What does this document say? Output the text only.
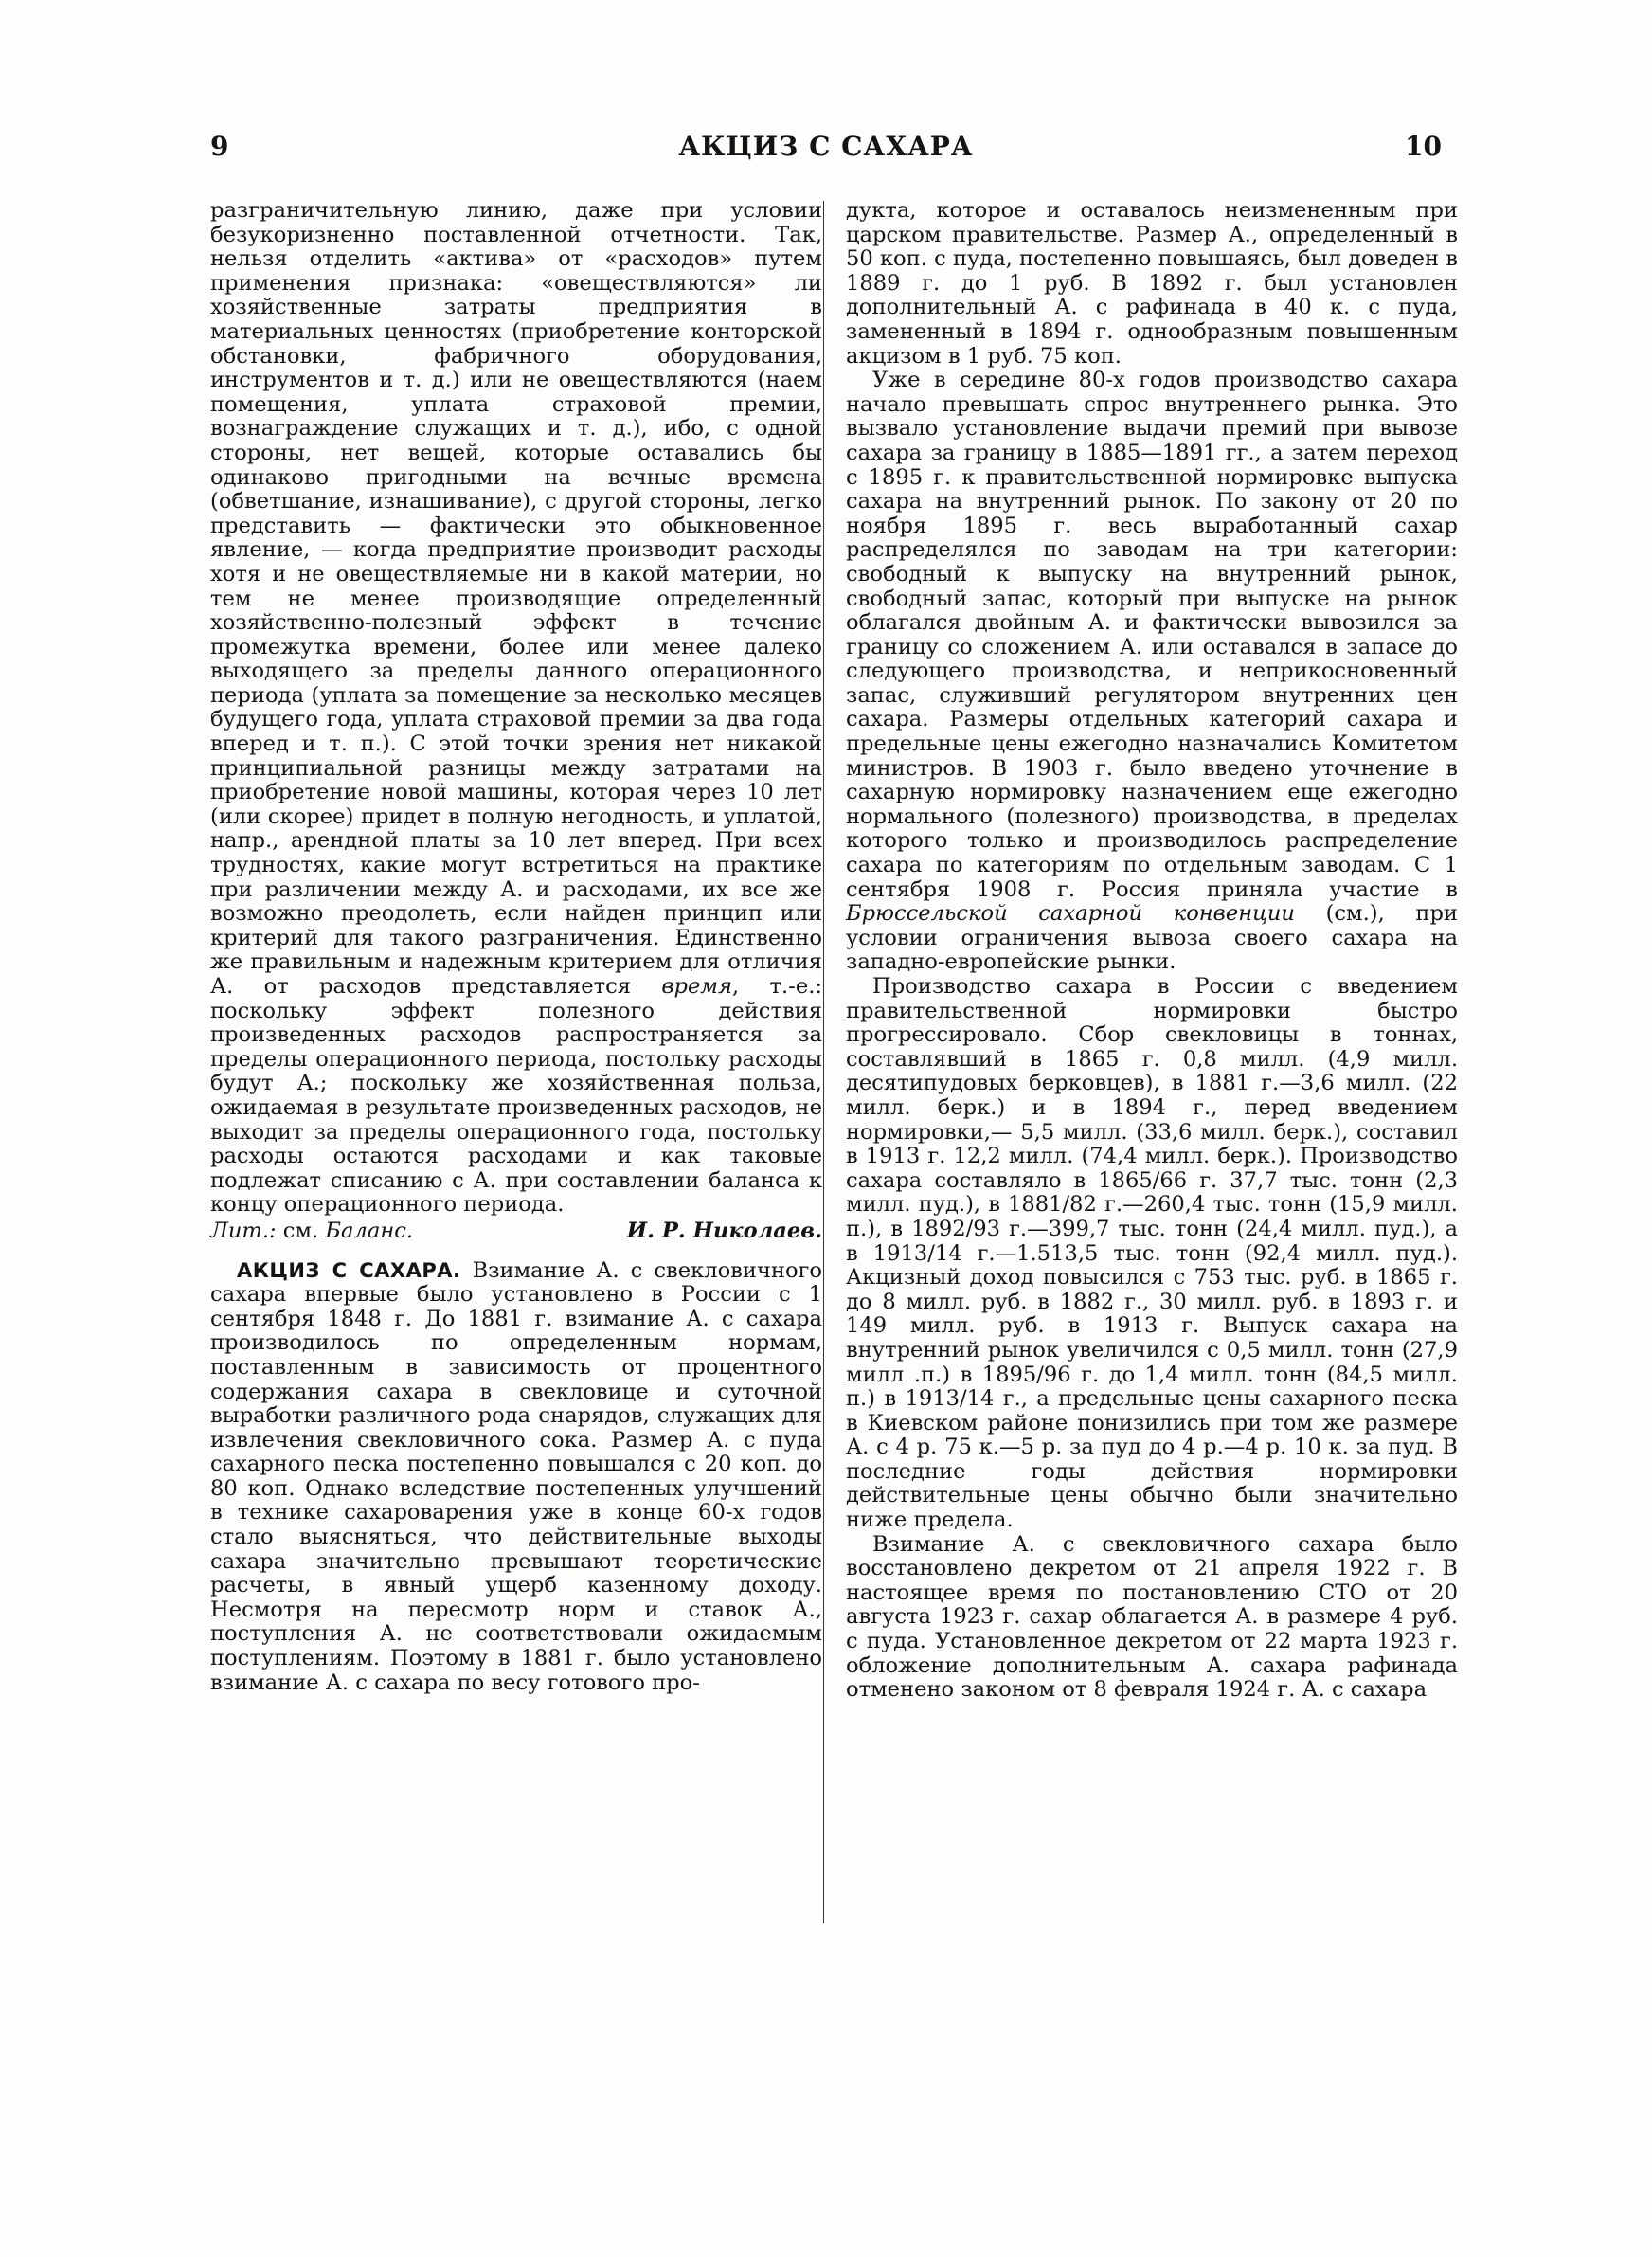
9	АКЦИЗ С САХАРА	10

разграничительную линию, даже при условии безукоризненно поставленной отчетности. Так, нельзя отделить «актива» от «расходов» путем применения признака: «овеществляются» ли хозяйственные затраты предприятия в материальных ценностях (приобретение конторской обстановки, фабричного оборудования, инструментов и т. д.) или не овеществляются (наем помещения, уплата страховой премии, вознаграждение служащих и т. д.), ибо, с одной стороны, нет вещей, которые оставались бы одинаково пригодными на вечные времена (обветшание, изнашивание), с другой стороны, легко представить — фактически это обыкновенное явление, — когда предприятие производит расходы хотя и не овеществляемые ни в какой материи, но тем не менее производящие определенный хозяйственно-полезный эффект в течение промежутка времени, более или менее далеко выходящего за пределы данного операционного периода (уплата за помещение за несколько месяцев будущего года, уплата страховой премии за два года вперед и т. п.). С этой точки зрения нет никакой принципиальной разницы между затратами на приобретение новой машины, которая через 10 лет (или скорее) придет в полную негодность, и уплатой, напр., арендной платы за 10 лет вперед. При всех трудностях, какие могут встретиться на практике при различении между А. и расходами, их все же возможно преодолеть, если найден принцип или критерий для такого разграничения. Единственно же правильным и надежным критерием для отличия А. от расходов представляется время, т.-е.: поскольку эффект полезного действия произведенных расходов распространяется за пределы операционного периода, постольку расходы будут А.; поскольку же хозяйственная польза, ожидаемая в результате произведенных расходов, не выходит за пределы операционного года, постольку расходы остаются расходами и как таковые подлежат списанию с А. при составлении баланса к концу операционного периода.

Лит.: см. Баланс.	И. Р. Николаев.

АКЦИЗ С САХАРА. Взимание А. с свекловичного сахара впервые было установлено в России с 1 сентября 1848 г. До 1881 г. взимание А. с сахара производилось по определенным нормам, поставленным в зависимость от процентного содержания сахара в свекловице и суточной выработки различного рода снарядов, служащих для извлечения свекловичного сока. Размер А. с пуда сахарного песка постепенно повышался с 20 коп. до 80 коп. Однако вследствие постепенных улучшений в технике сахароварения уже в конце 60-х годов стало выясняться, что действительные выходы сахара значительно превышают теоретические расчеты, в явный ущерб казенному доходу. Несмотря на пересмотр норм и ставок А., поступления А. не соответствовали ожидаемым поступлениям. Поэтому в 1881 г. было установлено взимание А. с сахара по весу готового про-

дукта, которое и оставалось неизмененным при царском правительстве. Размер А., определенный в 50 коп. с пуда, постепенно повышаясь, был доведен в 1889 г. до 1 руб. В 1892 г. был установлен дополнительный А. с рафинада в 40 к. с пуда, замененный в 1894 г. однообразным повышенным акцизом в 1 руб. 75 коп.

Уже в середине 80-х годов производство сахара начало превышать спрос внутреннего рынка. Это вызвало установление выдачи премий при вывозе сахара за границу в 1885—1891 гг., а затем переход с 1895 г. к правительственной нормировке выпуска сахара на внутренний рынок. По закону от 20 по ноября 1895 г. весь выработанный сахар распределялся по заводам на три категории: свободный к выпуску на внутренний рынок, свободный запас, который при выпуске на рынок облагался двойным А. и фактически вывозился за границу со сложением А. или оставался в запасе до следующего производства, и неприкосновенный запас, служивший регулятором внутренних цен сахара. Размеры отдельных категорий сахара и предельные цены ежегодно назначались Комитетом министров. В 1903 г. было введено уточнение в сахарную нормировку назначением еще ежегодно нормального (полезного) производства, в пределах которого только и производилось распределение сахара по категориям по отдельным заводам. С 1 сентября 1908 г. Россия приняла участие в Брюссельской сахарной конвенции (см.), при условии ограничения вывоза своего сахара на западно-европейские рынки.

Производство сахара в России с введением правительственной нормировки быстро прогрессировало. Сбор свекловицы в тоннах, составлявший в 1865 г. 0,8 милл. (4,9 милл. десятипудовых берковцев), в 1881 г.—3,6 милл. (22 милл. берк.) и в 1894 г., перед введением нормировки,— 5,5 милл. (33,6 милл. берк.), составил в 1913 г. 12,2 милл. (74,4 милл. берк.). Производство сахара составляло в 1865/66 г. 37,7 тыс. тонн (2,3 милл. пуд.), в 1881/82 г.—260,4 тыс. тонн (15,9 милл. п.), в 1892/93 г.—399,7 тыс. тонн (24,4 милл. пуд.), а в 1913/14 г.—1.513,5 тыс. тонн (92,4 милл. пуд.). Акцизный доход повысился с 753 тыс. руб. в 1865 г. до 8 милл. руб. в 1882 г., 30 милл. руб. в 1893 г. и 149 милл. руб. в 1913 г. Выпуск сахара на внутренний рынок увеличился с 0,5 милл. тонн (27,9 милл .п.) в 1895/96 г. до 1,4 милл. тонн (84,5 милл. п.) в 1913/14 г., а предельные цены сахарного песка в Киевском районе понизились при том же размере А. с 4 р. 75 к.—5 р. за пуд до 4 р.—4 р. 10 к. за пуд. В последние годы действия нормировки действительные цены обычно были значительно ниже предела.

Взимание А. с свекловичного сахара было восстановлено декретом от 21 апреля 1922 г. В настоящее время по постановлению СТО от 20 августа 1923 г. сахар облагается А. в размере 4 руб. с пуда. Установленное декретом от 22 марта 1923 г. обложение дополнительным А. сахара рафинада отменено законом от 8 февраля 1924 г. А. с сахара
